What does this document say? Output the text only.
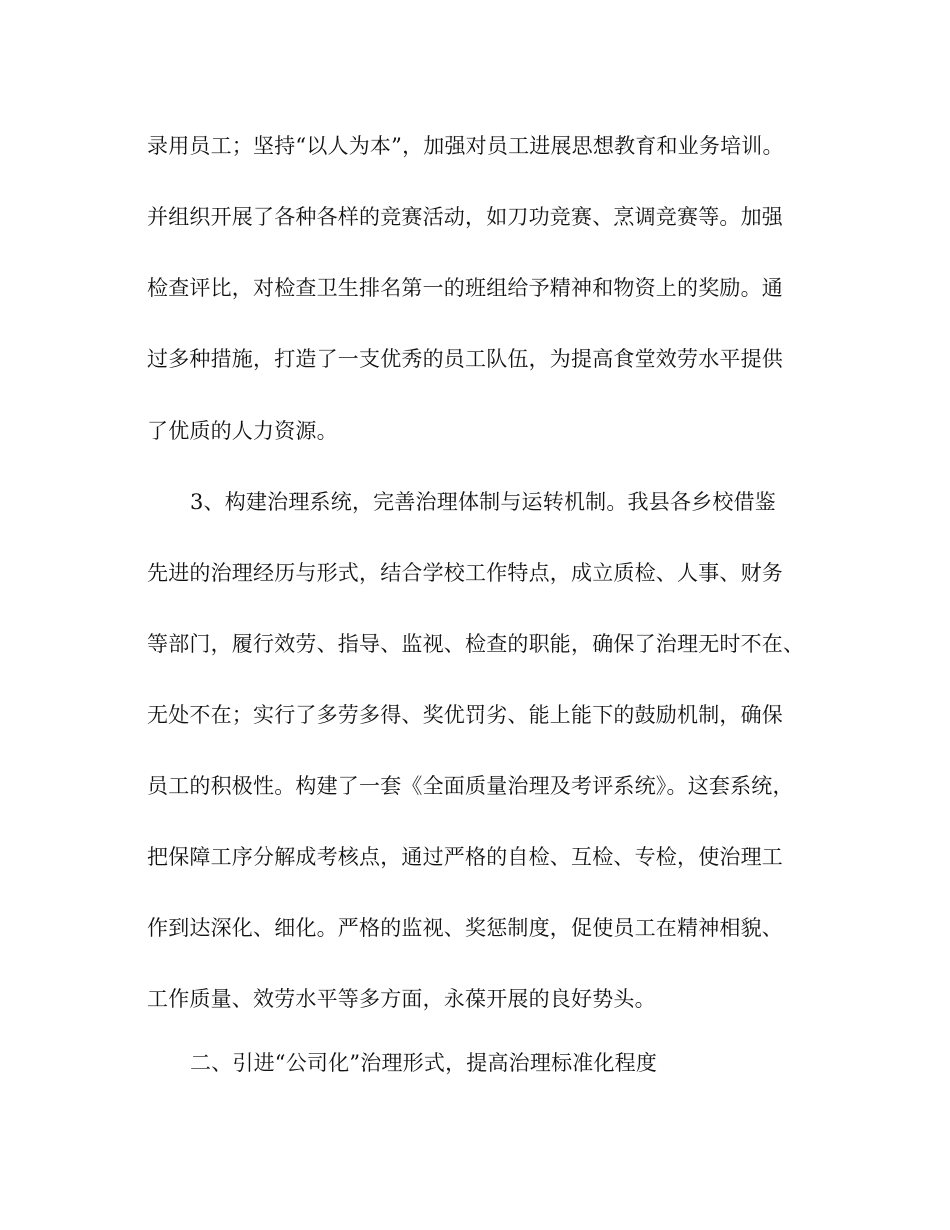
录用员工；坚持“以人为本”，加强对员工进展思想教育和业务培训。
并组织开展了各种各样的竞赛活动，如刀功竞赛、烹调竞赛等。加强
检查评比，对检查卫生排名第一的班组给予精神和物资上的奖励。通
过多种措施，打造了一支优秀的员工队伍，为提高食堂效劳水平提供
了优质的人力资源。
3、构建治理系统，完善治理体制与运转机制。我县各乡校借鉴
先进的治理经历与形式，结合学校工作特点，成立质检、人事、财务
等部门，履行效劳、指导、监视、检查的职能，确保了治理无时不在、
无处不在；实行了多劳多得、奖优罚劣、能上能下的鼓励机制，确保
员工的积极性。构建了一套《全面质量治理及考评系统》。这套系统，
把保障工序分解成考核点，通过严格的自检、互检、专检，使治理工
作到达深化、细化。严格的监视、奖惩制度，促使员工在精神相貌、
工作质量、效劳水平等多方面，永葆开展的良好势头。
二、引进“公司化”治理形式，提高治理标准化程度
